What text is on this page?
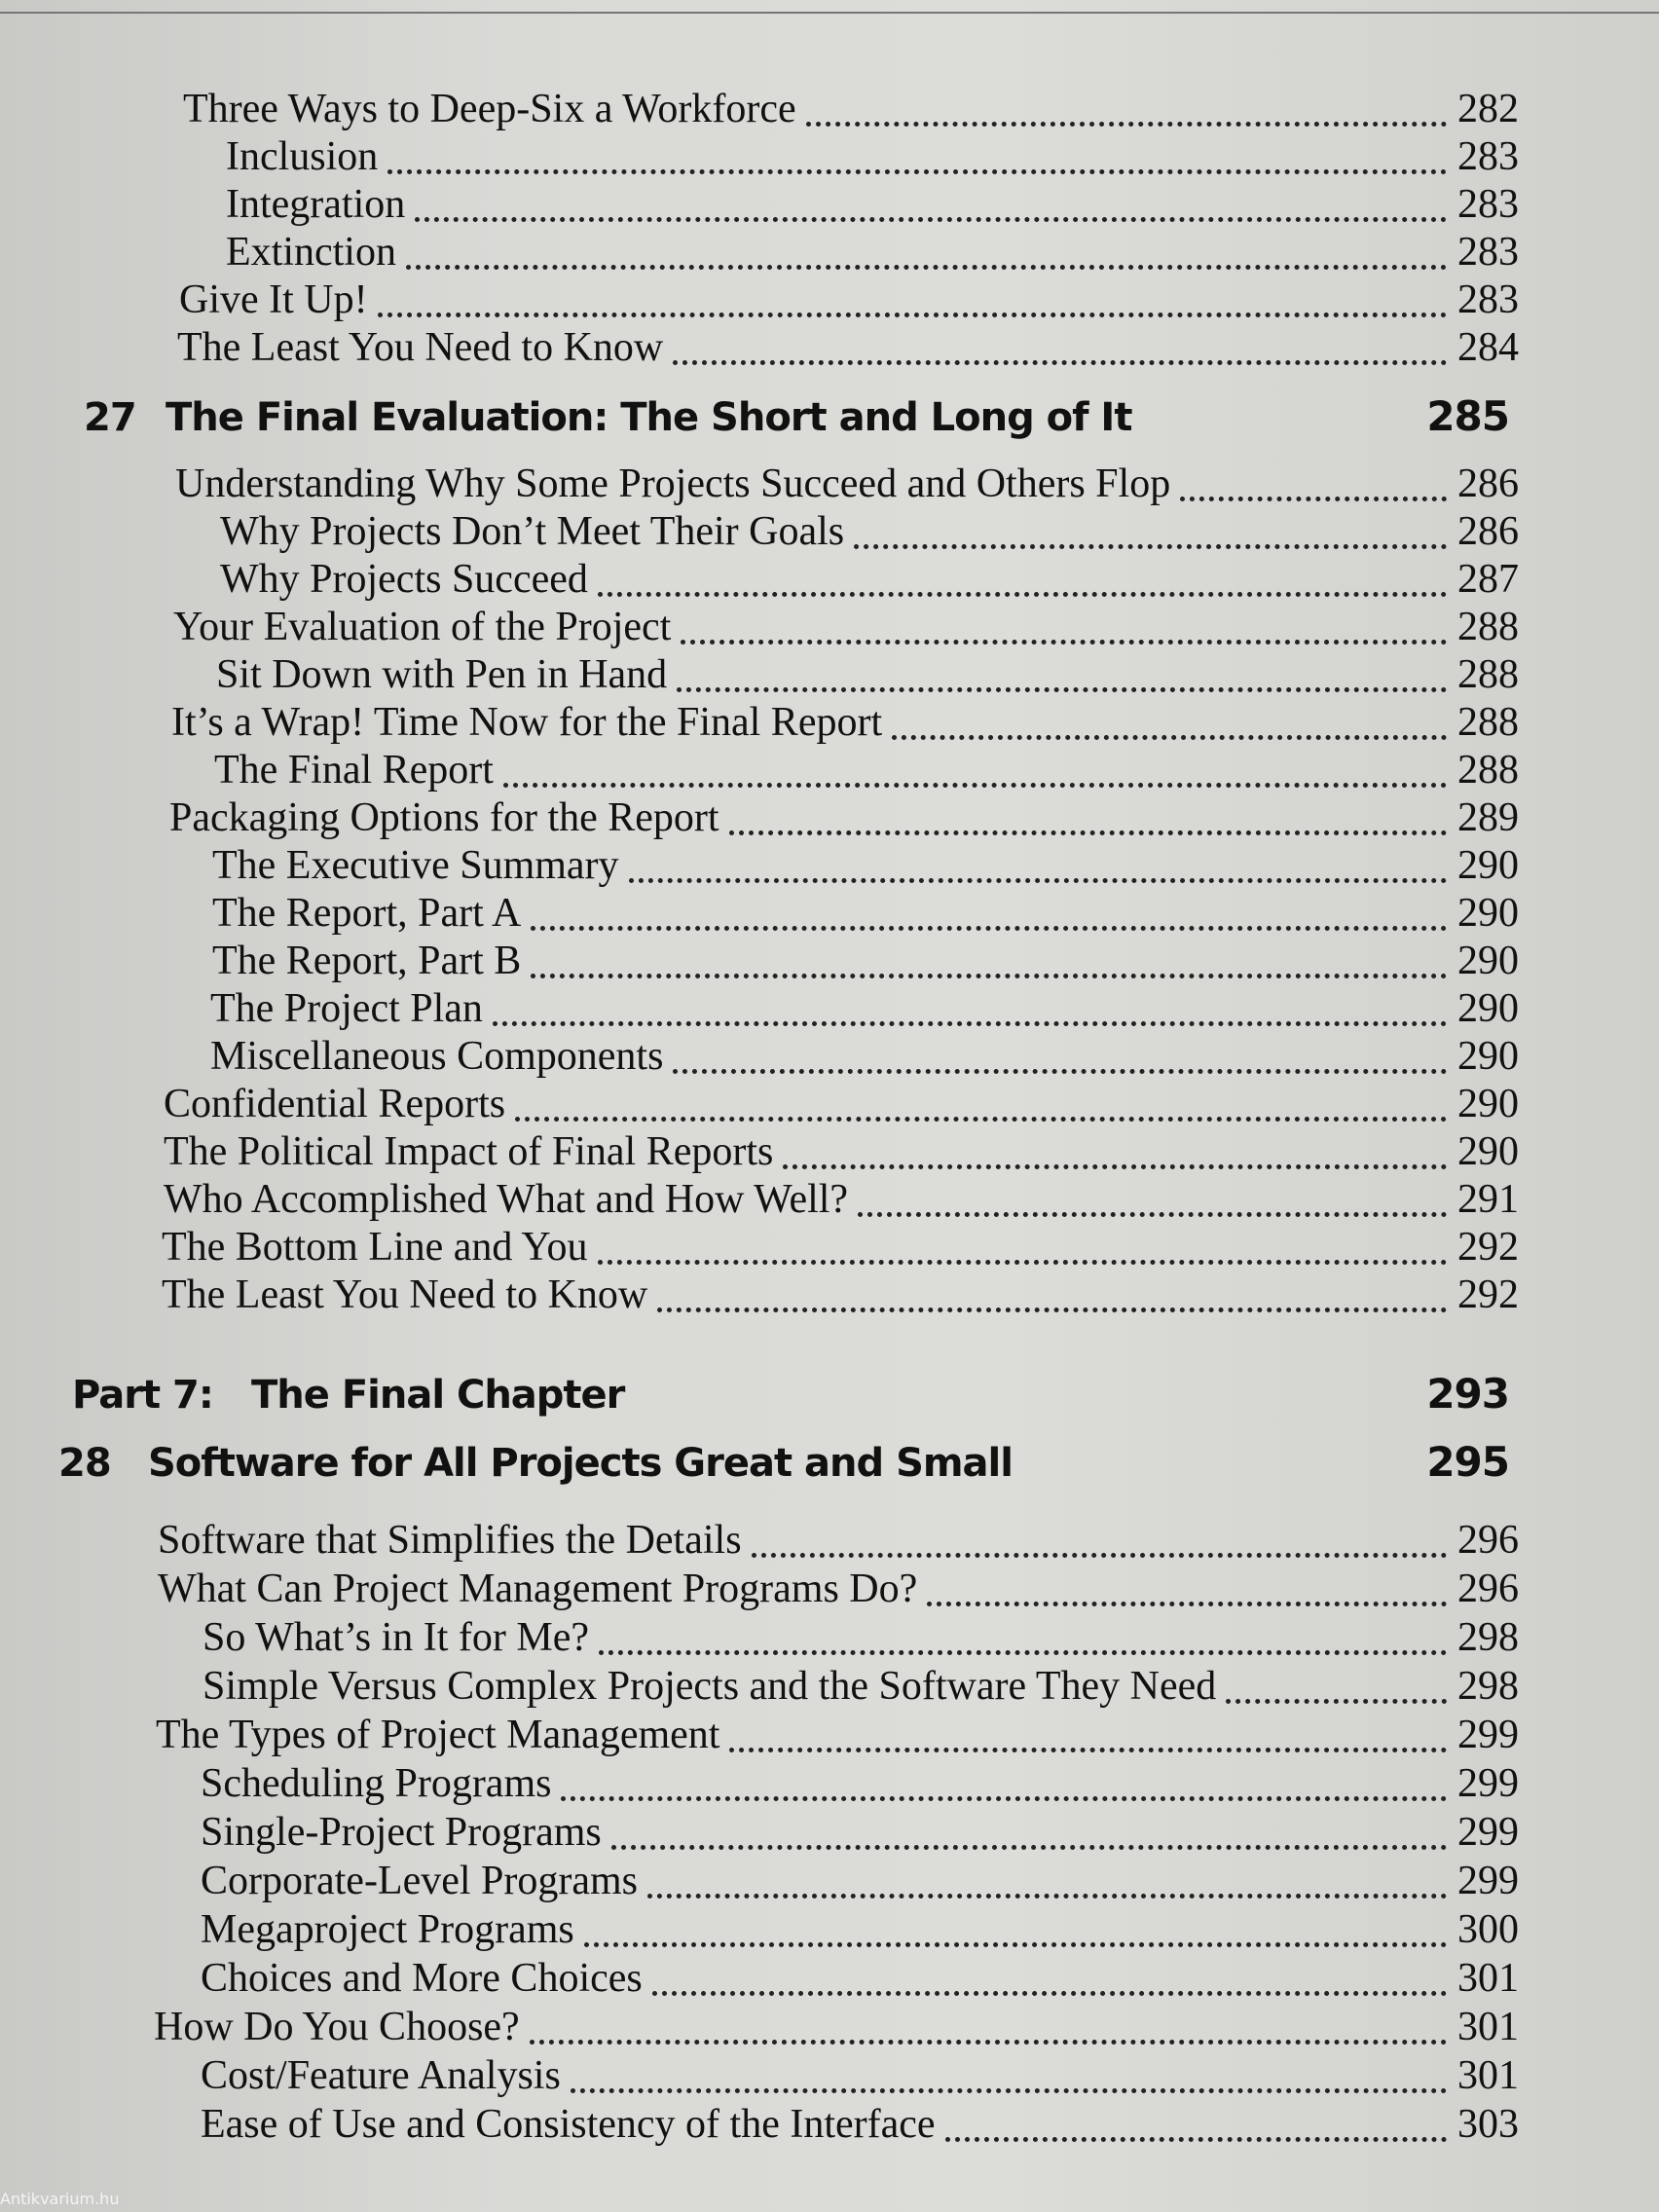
Three Ways to Deep-Six a Workforce	282
Inclusion	283
Integration	283
Extinction	283
Give It Up!	283
The Least You Need to Know	284
27 The Final Evaluation: The Short and Long of It	285
Understanding Why Some Projects Succeed and Others Flop	286
Why Projects Don’t Meet Their Goals	286
Why Projects Succeed	287
Your Evaluation of the Project	288
Sit Down with Pen in Hand	288
It’s a Wrap! Time Now for the Final Report	288
The Final Report	288
Packaging Options for the Report	289
The Executive Summary	290
The Report, Part A	290
The Report, Part B	290
The Project Plan	290
Miscellaneous Components	290
Confidential Reports	290
The Political Impact of Final Reports	290
Who Accomplished What and How Well?	291
The Bottom Line and You	292
The Least You Need to Know	292
Part 7: The Final Chapter	293
28 Software for All Projects Great and Small	295
Software that Simplifies the Details	296
What Can Project Management Programs Do?	296
So What’s in It for Me?	298
Simple Versus Complex Projects and the Software They Need	298
The Types of Project Management	299
Scheduling Programs	299
Single-Project Programs	299
Corporate-Level Programs	299
Megaproject Programs	300
Choices and More Choices	301
How Do You Choose?	301
Cost/Feature Analysis	301
Ease of Use and Consistency of the Interface	303
Antikvarium.hu
